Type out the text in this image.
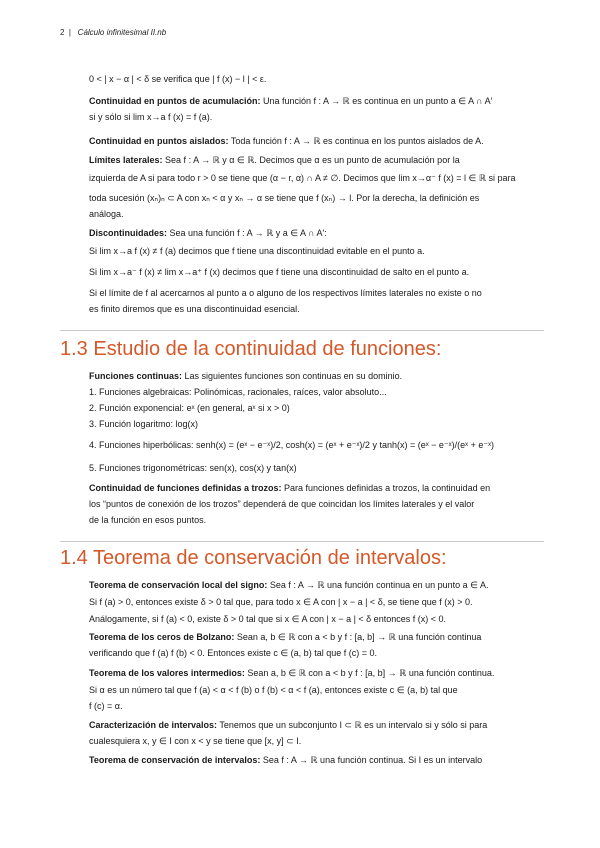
2  |   Cálculo infinitesimal II.nb
0 < | x − α | < δ se verifica que | f (x) − l | < ε.
Continuidad en puntos de acumulación: Una función f : A → ℝ es continua en un punto a ∈ A ∩ A′
si y sólo si lim x→a f (x) = f (a).
Continuidad en puntos aislados: Toda función f : A → ℝ es continua en los puntos aislados de A.
Límites laterales: Sea f : A → ℝ y α ∈ ℝ. Decimos que α es un punto de acumulación por la
izquierda de A si para todo r > 0 se tiene que (α − r, α) ∩ A ≠ ∅. Decimos que lim x→α⁻ f (x) = l ∈ ℝ si para
toda sucesión (xₙ)ₙ ⊂ A con xₙ < α y xₙ → α se tiene que f (xₙ) → l. Por la derecha, la definición es
análoga.
Discontinuidades: Sea una función f : A → ℝ y a ∈ A ∩ A′:
Si lim x→a f (x) ≠ f (a) decimos que f tiene una discontinuidad evitable en el punto a.
Si lim x→a⁻ f (x) ≠ lim x→a⁺ f (x) decimos que f tiene una discontinuidad de salto en el punto a.
Si el límite de f al acercarnos al punto a o alguno de los respectivos límites laterales no existe o no
es finito diremos que es una discontinuidad esencial.
1.3 Estudio de la continuidad de funciones:
Funciones continuas: Las siguientes funciones son continuas en su dominio.
1. Funciones algebraicas: Polinómicas, racionales, raíces, valor absoluto...
2. Función exponencial: eˣ (en general, aˣ si x > 0)
3. Función logaritmo: log(x)
4. Funciones hiperbólicas: senh(x) = (eˣ − e⁻ˣ)/2, cosh(x) = (eˣ + e⁻ˣ)/2 y tanh(x) = (eˣ − e⁻ˣ)/(eˣ + e⁻ˣ)
5. Funciones trigonométricas: sen(x), cos(x) y tan(x)
Continuidad de funciones definidas a trozos: Para funciones definidas a trozos, la continuidad en
los “puntos de conexión de los trozos” dependerá de que coincidan los límites laterales y el valor
de la función en esos puntos.
1.4 Teorema de conservación de intervalos:
Teorema de conservación local del signo: Sea f : A → ℝ una función continua en un punto a ∈ A.
Si f (a) > 0, entonces existe δ > 0 tal que, para todo x ∈ A con | x − a | < δ, se tiene que f (x) > 0.
Análogamente, si f (a) < 0, existe δ > 0 tal que si x ∈ A con | x − a | < δ entonces f (x) < 0.
Teorema de los ceros de Bolzano: Sean a, b ∈ ℝ con a < b y f : [a, b] → ℝ una función continua
verificando que f (a) f (b) < 0. Entonces existe c ∈ (a, b) tal que f (c) = 0.
Teorema de los valores intermedios: Sean a, b ∈ ℝ con a < b y f : [a, b] → ℝ una función continua.
Si α es un número tal que f (a) < α < f (b) o f (b) < α < f (a), entonces existe c ∈ (a, b) tal que
f (c) = α.
Caracterización de intervalos: Tenemos que un subconjunto I ⊂ ℝ es un intervalo si y sólo si para
cualesquiera x, y ∈ I con x < y se tiene que [x, y] ⊂ I.
Teorema de conservación de intervalos: Sea f : A → ℝ una función continua. Si I es un intervalo
